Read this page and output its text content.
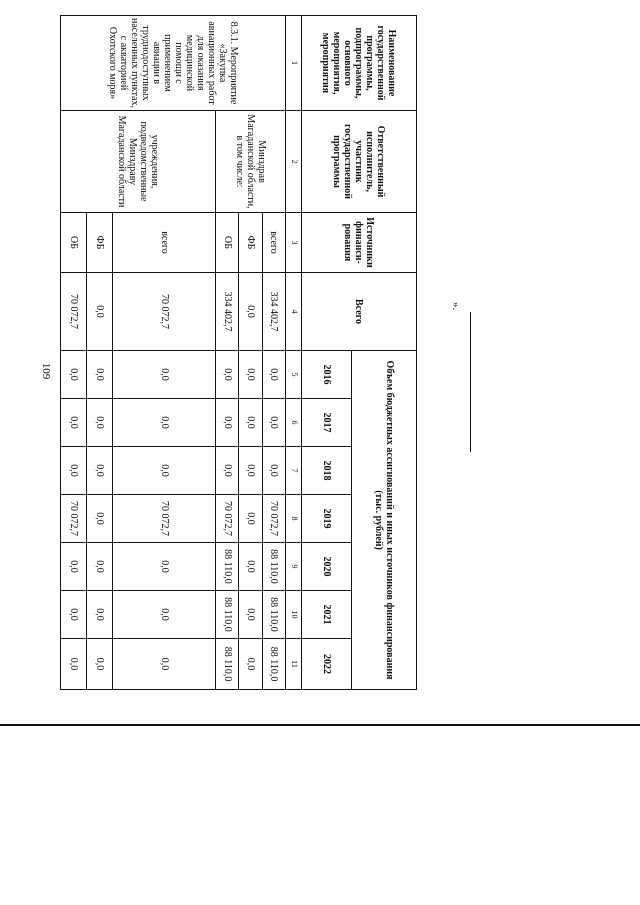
109
Наименование государственной программы, подпрограммы, основного мероприятия, мероприятия	Ответственный исполнитель, участник государственной программы	Источники финанси-рования	Всего	Объем бюджетных ассигнований и иных источников финансирования (тыс. рублей)						
				2016	2017	2018	2019	2020	2021	2022
1	2	3	4	5	6	7	8	9	10	11
8.3.1. Мероприятие «Закупка авиационных работ для оказания медицинской помощи с применением авиации в труднодоступных населенных пунктах, с акваторией Охотского моря»	Минздрав Магаданской области, в том числе:	всего	334 402,7	0,0	0,0	0,0	70 072,7	88 110,0	88 110,0	88 110,0
		ФБ	0,0	0,0	0,0	0,0	0,0	0,0	0,0	0,0
		ОБ	334 402,7	0,0	0,0	0,0	70 072,7	88 110,0	88 110,0	88 110,0
	учреждения, подведомственные Минздраву Магаданской области	всего	70 072,7	0,0	0,0	0,0	70 072,7	0,0	0,0	0,0
		ФБ	0,0	0,0	0,0	0,0	0,0	0,0	0,0	0,0
		ОБ	70 072,7	0,0	0,0	0,0	70 072,7	0,0	0,0	0,0
».
